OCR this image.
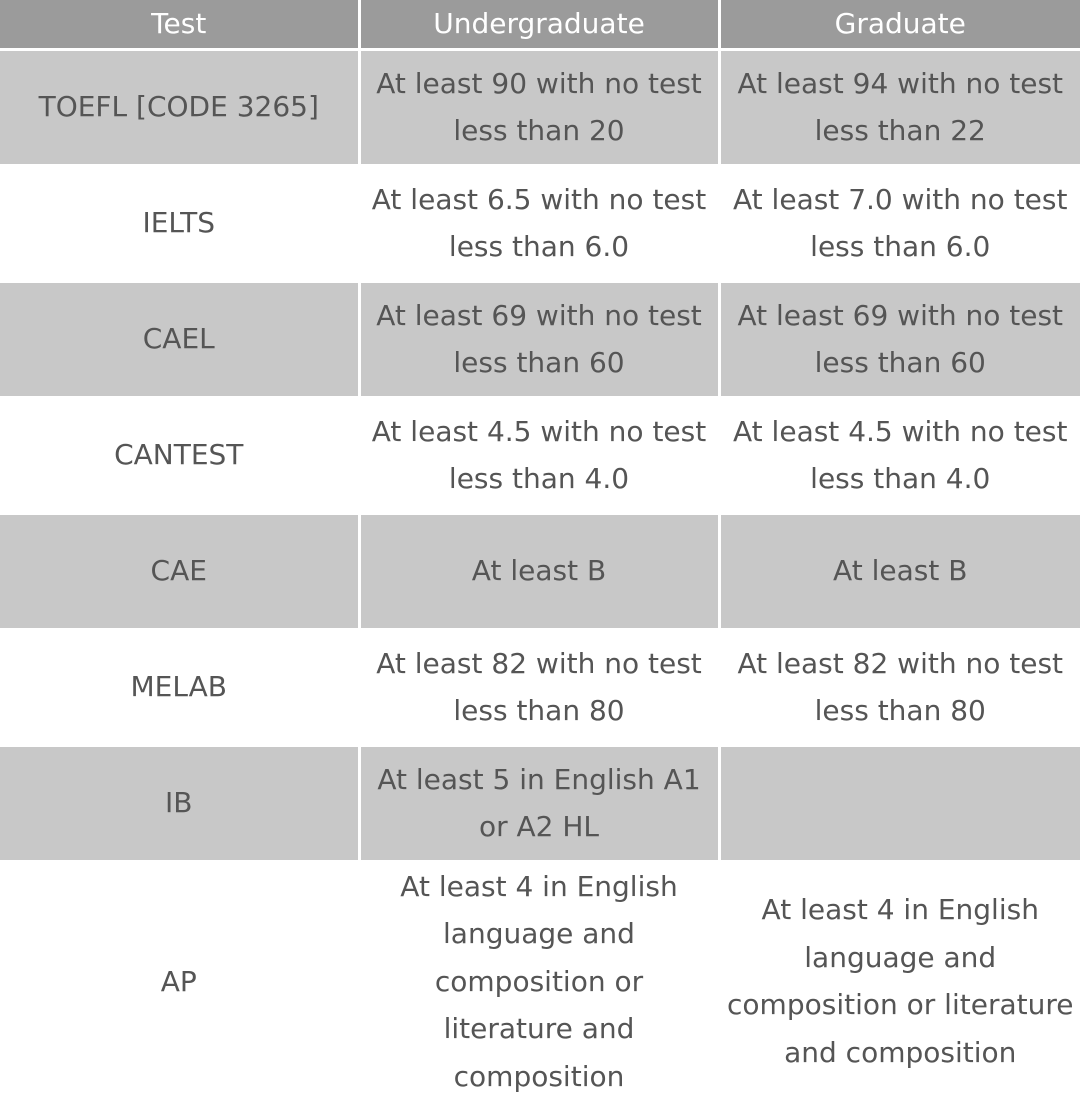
Test	Undergraduate	Graduate
TOEFL [CODE 3265]	At least 90 with no test less than 20	At least 94 with no test less than 22
IELTS	At least 6.5 with no test less than 6.0	At least 7.0 with no test less than 6.0
CAEL	At least 69 with no test less than 60	At least 69 with no test less than 60
CANTEST	At least 4.5 with no test less than 4.0	At least 4.5 with no test less than 4.0
CAE	At least B	At least B
MELAB	At least 82 with no test less than 80	At least 82 with no test less than 80
IB	At least 5 in English A1 or A2 HL	
AP	At least 4 in English language and composition or literature and composition	At least 4 in English language and composition or literature and composition
